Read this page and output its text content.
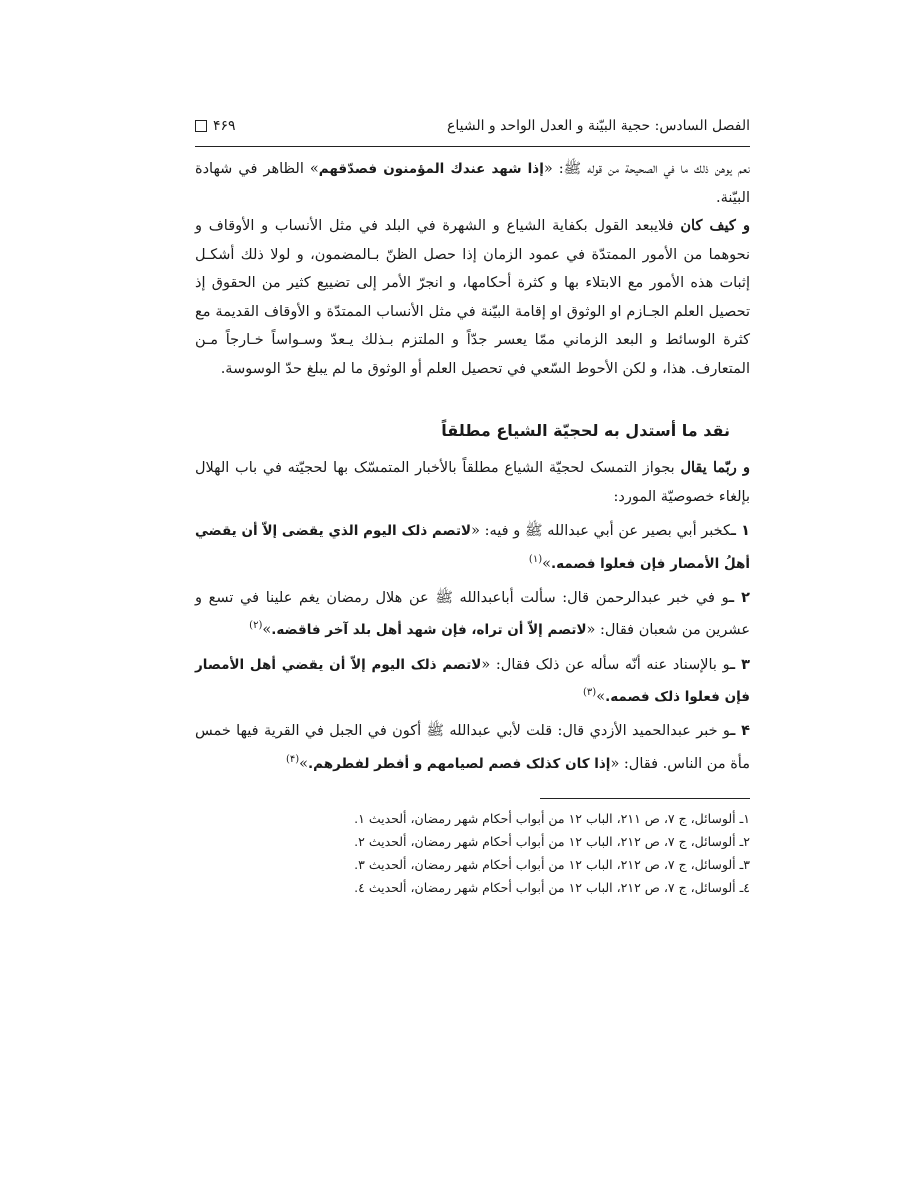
الفصل السادس: حجية البيّنة و العدل الواحد و الشياع
۴۶۹

نعم يوهن ذلك ما في الصحيحة من قوله ﷺ: «إذا شهد عندك المؤمنون فصدّقهم» الظاهر في شهادة البيّنة.

و كيف كان فلايبعد القول بكفاية الشياع و الشهرة في البلد في مثل الأنساب و الأوقاف و نحوهما من الأمور الممتدّة في عمود الزمان إذا حصل الظنّ بـالمضمون، و لولا ذلك أشكـل إثبات هذه الأمور مع الابتلاء بها و كثرة أحكامها، و انجرّ الأمر إلى تضييع كثير من الحقوق إذ تحصيل العلم الجـازم او الوثوق او إقامة البيّنة في مثل الأنساب الممتدّة و الأوقاف القديمة مع كثرة الوسائط و البعد الزماني ممّا يعسر جدّاً و الملتزم بـذلك يـعدّ وسـواساً خـارجاً مـن المتعارف. هذا، و لكن الأحوط السّعي في تحصيل العلم أو الوثوق ما لم يبلغ حدّ الوسوسة.

نقد ما أستدل به لحجيّة الشياع مطلقاً

و ربّما يقال بجواز التمسک لحجيّة الشياع مطلقاً بالأخبار المتمسّک بها لحجيّته في باب الهلال بإلغاء خصوصيّة المورد:

۱ ـكخبر أبي بصير عن أبي عبدالله ﷺ و فيه: «لاتصم ذلک اليوم الذي يقضى إلاّ أن يقضي أهلُ الأمصار فإن فعلوا فصمه.»$^{(۱)}$

۲ ـو في خبر عبدالرحمن قال: سألت أباعبدالله ﷺ عن هلال رمضان يغم علينا في تسع و عشرين من شعبان فقال: «لاتصم إلاّ أن تراه، فإن شهد أهل بلد آخر فاقضه.»$^{(۲)}$

۳ ـو بالإسناد عنه أنّه سأله عن ذلک فقال: «لاتصم ذلک اليوم إلاّ أن يقضي أهل الأمصار فإن فعلوا ذلک فصمه.»$^{(۳)}$

۴ ـو خبر عبدالحميد الأزدي قال: قلت لأبي عبدالله ﷺ أكون في الجبل في القرية فيها خمس مأة من الناس. فقال: «إذا كان كذلک فصم لصيامهم و أفطر لفطرهم.»$^{(۴)}$

١ـ ألوسائل، ج ٧، ص ٢١١، الباب ١٢ من أبواب أحكام شهر رمضان، ألحديث ١.

٢ـ ألوسائل، ج ٧، ص ٢١٢، الباب ١٢ من أبواب أحكام شهر رمضان، ألحديث ٢.

٣ـ ألوسائل، ج ٧، ص ٢١٢، الباب ١٢ من أبواب أحكام شهر رمضان، ألحديث ٣.

٤ـ ألوسائل، ج ٧، ص ٢١٢، الباب ١٢ من أبواب أحكام شهر رمضان، ألحديث ٤.
